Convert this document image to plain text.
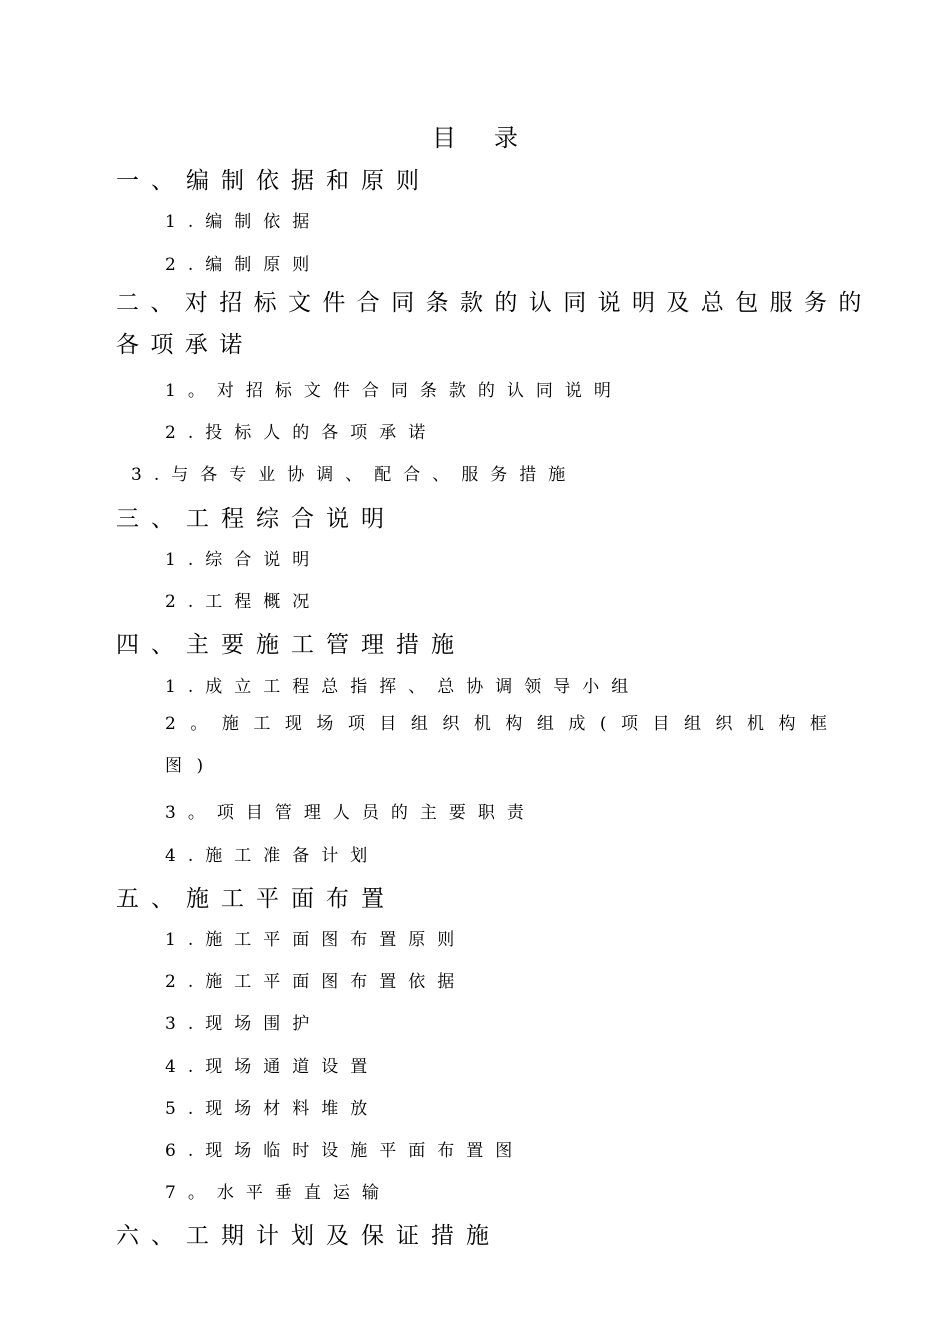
目录
一、编制依据和原则
1.编制依据
2.编制原则
二、对招标文件合同条款的认同说明及总包服务的各项承诺
1。对招标文件合同条款的认同说明
2.投标人的各项承诺
3.与各专业协调、配合、服务措施
三、工程综合说明
1.综合说明
2.工程概况
四、主要施工管理措施
1.成立工程总指挥、总协调领导小组
2。施工现场项目组织机构组成(项目组织机构框图)
3。项目管理人员的主要职责
4.施工准备计划
五、施工平面布置
1.施工平面图布置原则
2.施工平面图布置依据
3.现场围护
4.现场通道设置
5.现场材料堆放
6.现场临时设施平面布置图
7。水平垂直运输
六、工期计划及保证措施
